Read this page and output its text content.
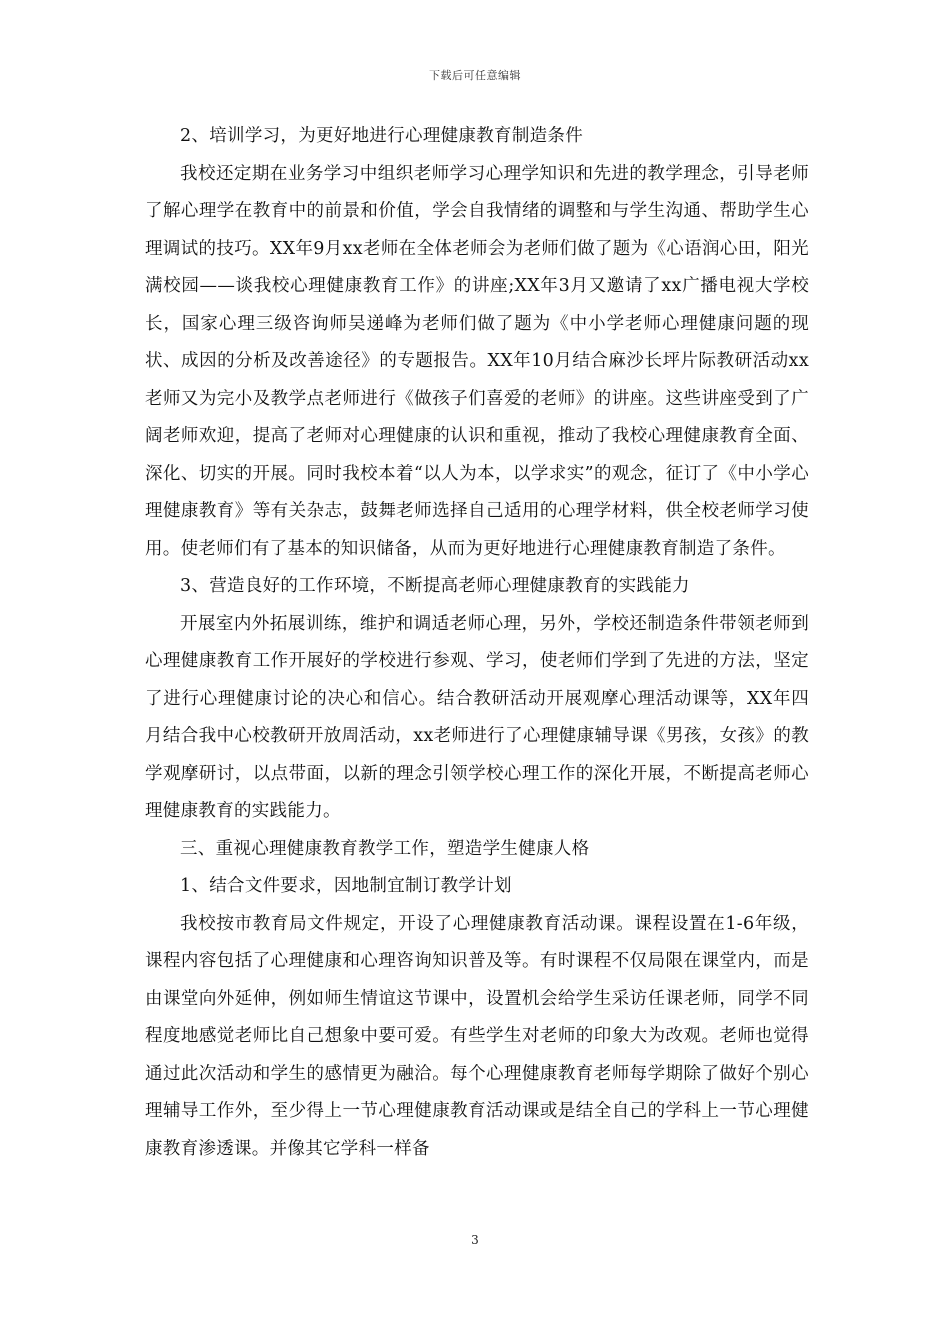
下载后可任意编辑

2、培训学习，为更好地进行心理健康教育制造条件

我校还定期在业务学习中组织老师学习心理学知识和先进的教学理念，引导老师了解心理学在教育中的前景和价值，学会自我情绪的调整和与学生沟通、帮助学生心理调试的技巧。XX年9月xx老师在全体老师会为老师们做了题为《心语润心田，阳光满校园——谈我校心理健康教育工作》的讲座;XX年3月又邀请了xx广播电视大学校长，国家心理三级咨询师吴递峰为老师们做了题为《中小学老师心理健康问题的现状、成因的分析及改善途径》的专题报告。XX年10月结合麻沙长坪片际教研活动xx老师又为完小及教学点老师进行《做孩子们喜爱的老师》的讲座。这些讲座受到了广阔老师欢迎，提高了老师对心理健康的认识和重视，推动了我校心理健康教育全面、深化、切实的开展。同时我校本着“以人为本，以学求实”的观念，征订了《中小学心理健康教育》等有关杂志，鼓舞老师选择自己适用的心理学材料，供全校老师学习使用。使老师们有了基本的知识储备，从而为更好地进行心理健康教育制造了条件。

3、营造良好的工作环境，不断提高老师心理健康教育的实践能力

开展室内外拓展训练，维护和调适老师心理，另外，学校还制造条件带领老师到心理健康教育工作开展好的学校进行参观、学习，使老师们学到了先进的方法，坚定了进行心理健康讨论的决心和信心。结合教研活动开展观摩心理活动课等，XX年四月结合我中心校教研开放周活动，xx老师进行了心理健康辅导课《男孩，女孩》的教学观摩研讨，以点带面，以新的理念引领学校心理工作的深化开展，不断提高老师心理健康教育的实践能力。

三、重视心理健康教育教学工作，塑造学生健康人格

1、结合文件要求，因地制宜制订教学计划

我校按市教育局文件规定，开设了心理健康教育活动课。课程设置在1-6年级，课程内容包括了心理健康和心理咨询知识普及等。有时课程不仅局限在课堂内，而是由课堂向外延伸，例如师生情谊这节课中，设置机会给学生采访任课老师，同学不同程度地感觉老师比自己想象中要可爱。有些学生对老师的印象大为改观。老师也觉得通过此次活动和学生的感情更为融洽。每个心理健康教育老师每学期除了做好个别心理辅导工作外，至少得上一节心理健康教育活动课或是结全自己的学科上一节心理健康教育渗透课。并像其它学科一样备

3
